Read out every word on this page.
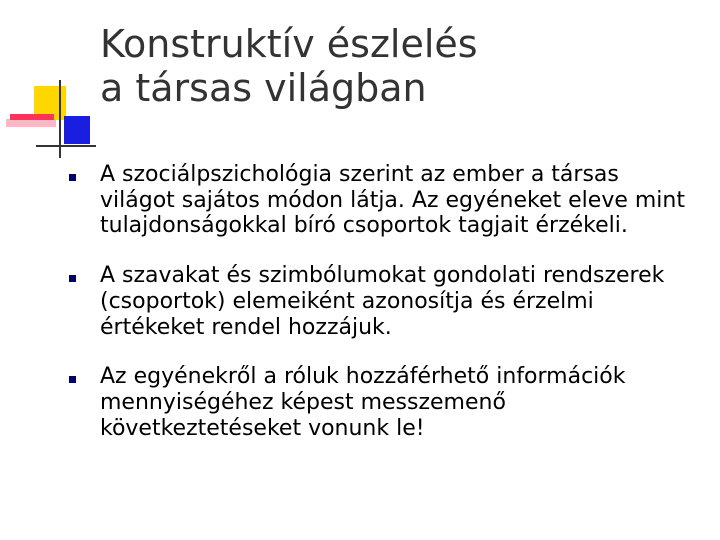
Konstruktív észlelés
a társas világban
A szociálpszichológia szerint az ember a társas világot sajátos módon látja. Az egyéneket eleve mint tulajdonságokkal bíró csoportok tagjait érzékeli.
A szavakat és szimbólumokat gondolati rendszerek (csoportok) elemeiként azonosítja és érzelmi értékeket rendel hozzájuk.
Az egyénekről a róluk hozzáférhető információk mennyiségéhez képest messzemenő következtetéseket vonunk le!
